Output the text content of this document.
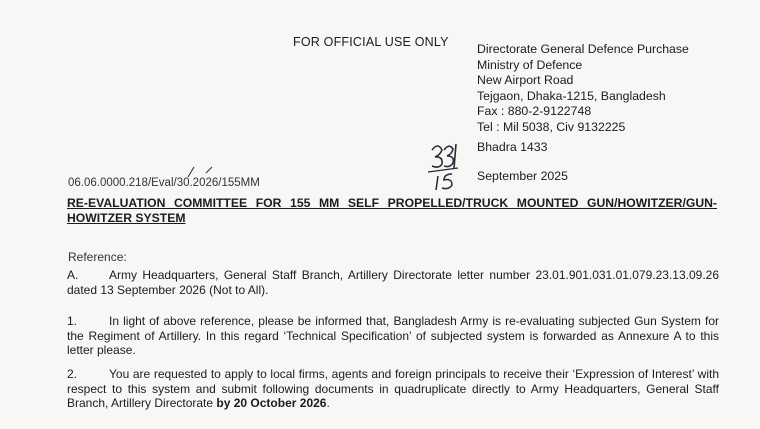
FOR OFFICIAL USE ONLY Directorate General Defence Purchase
Ministry of Defence
New Airport Road
Tejgaon, Dhaka-1215, Bangladesh
Fax : 880-2-9122748
Tel : Mil 5038, Civ 9132225
Bhadra 1433
September 2025
06.06.0000.218/Eval/30.2026/155MM
RE-EVALUATION COMMITTEE FOR 155 MM SELF PROPELLED/TRUCK MOUNTED GUN/HOWITZER/GUN-HOWITZER SYSTEM
Reference:
A.	Army Headquarters, General Staff Branch, Artillery Directorate letter number 23.01.901.031.01.079.23.13.09.26 dated 13 September 2026 (Not to All).
1.	In light of above reference, please be informed that, Bangladesh Army is re-evaluating subjected Gun System for the Regiment of Artillery. In this regard ‘Technical Specification’ of subjected system is forwarded as Annexure A to this letter please.
2.	You are requested to apply to local firms, agents and foreign principals to receive their ‘Expression of Interest’ with respect to this system and submit following documents in quadruplicate directly to Army Headquarters, General Staff Branch, Artillery Directorate by 20 October 2026.
